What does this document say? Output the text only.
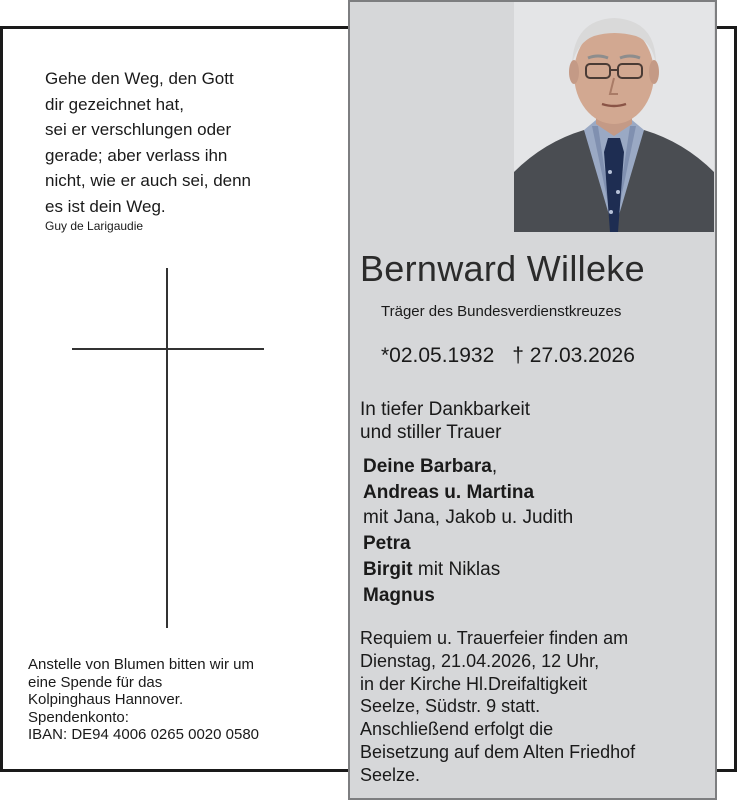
Gehe den Weg, den Gott
dir gezeichnet hat,
sei er verschlungen oder
gerade; aber verlass ihn
nicht, wie er auch sei, denn
es ist dein Weg.
Guy de Larigaudie
Anstelle von Blumen bitten wir um
eine Spende für das
Kolpinghaus Hannover.
Spendenkonto:
IBAN: DE94 4006 0265 0020 0580
Bernward Willeke
Träger des Bundesverdienstkreuzes
*02.05.1932 † 27.03.2026
In tiefer Dankbarkeit
und stiller Trauer
Deine Barbara,
Andreas u. Martina
mit Jana, Jakob u. Judith
Petra
Birgit mit Niklas
Magnus
Requiem u. Trauerfeier finden am
Dienstag, 21.04.2026, 12 Uhr,
in der Kirche Hl.Dreifaltigkeit
Seelze, Südstr. 9 statt.
Anschließend erfolgt die
Beisetzung auf dem Alten Friedhof
Seelze.
